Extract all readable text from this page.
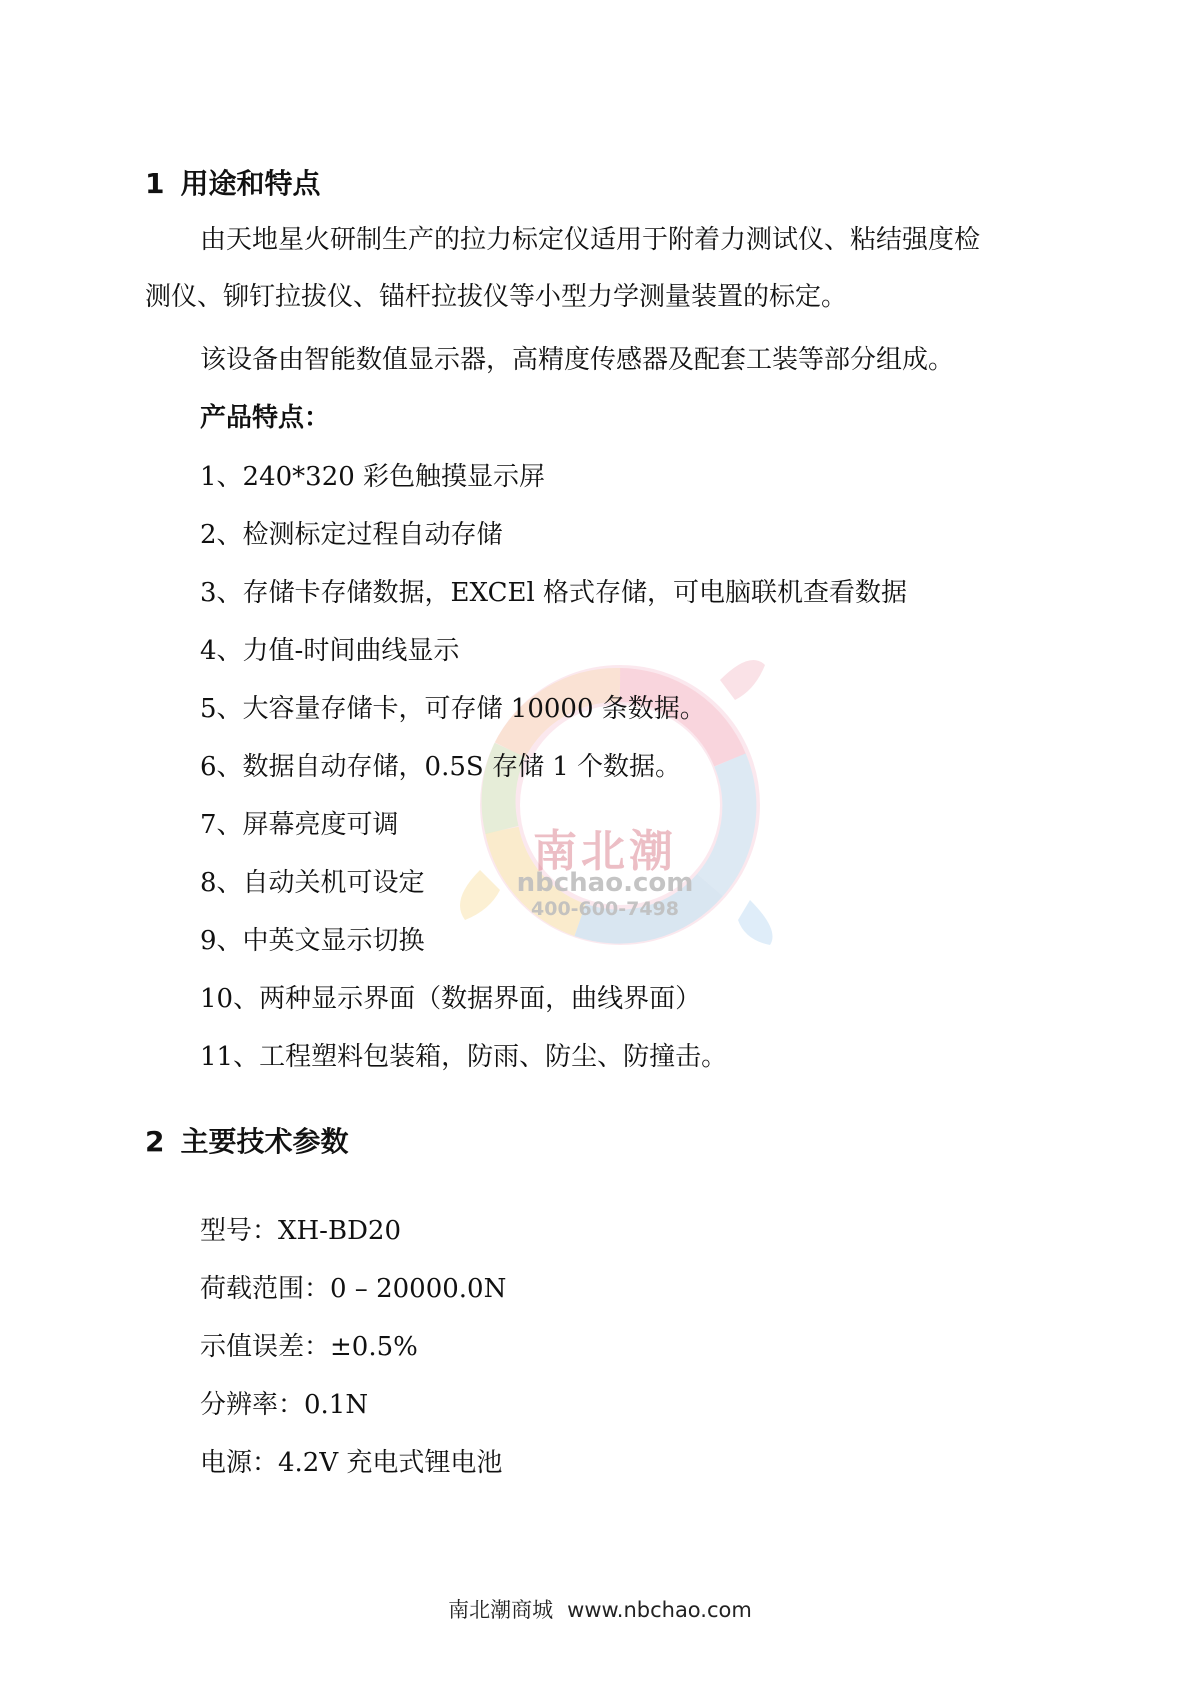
南北潮
nbchao.com
400-600-7498
1 用途和特点
由天地星火研制生产的拉力标定仪适用于附着力测试仪、粘结强度检
测仪、铆钉拉拔仪、锚杆拉拔仪等小型力学测量装置的标定。
该设备由智能数值显示器，高精度传感器及配套工装等部分组成。
产品特点：
1、240*320 彩色触摸显示屏
2、检测标定过程自动存储
3、存储卡存储数据，EXCEl 格式存储，可电脑联机查看数据
4、力值-时间曲线显示
5、大容量存储卡，可存储 10000 条数据。
6、数据自动存储，0.5S 存储 1 个数据。
7、屏幕亮度可调
8、自动关机可设定
9、中英文显示切换
10、两种显示界面（数据界面，曲线界面）
11、工程塑料包装箱，防雨、防尘、防撞击。
2 主要技术参数
型号：XH-BD20
荷载范围：0 – 20000.0N
示值误差：±0.5%
分辨率：0.1N
电源：4.2V 充电式锂电池
南北潮商城 www.nbchao.com
